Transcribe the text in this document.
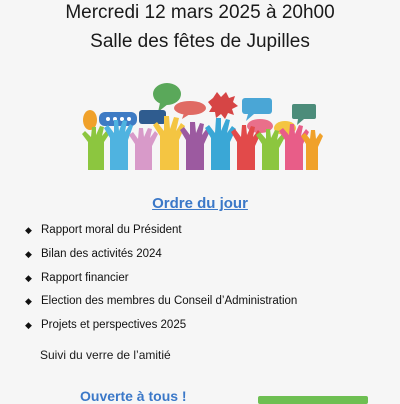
Mercredi 12 mars 2025 à 20h00
Salle des fêtes de Jupilles
Ordre du jour
◆ Rapport moral du Président
◆ Bilan des activités 2024
◆ Rapport financier
◆ Election des membres du Conseil d’Administration
◆ Projets et perspectives 2025
Suivi du verre de l’amitié
Ouverte à tous !
